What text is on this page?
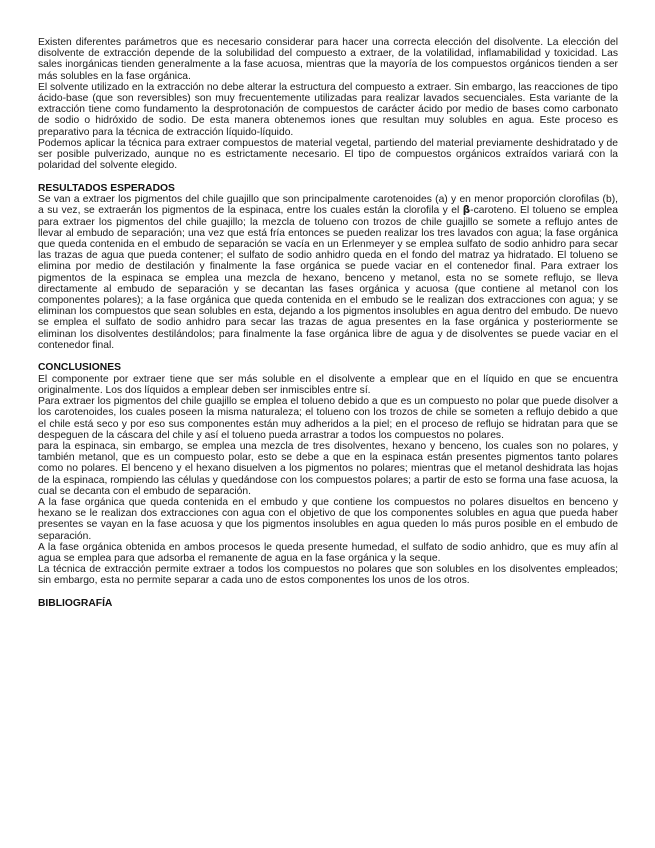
Existen diferentes parámetros que es necesario considerar para hacer una correcta elección del disolvente. La elección del disolvente de extracción depende de la solubilidad del compuesto a extraer, de la volatilidad, inflamabilidad y toxicidad. Las sales inorgánicas tienden generalmente a la fase acuosa, mientras que la mayoría de los compuestos orgánicos tienden a ser más solubles en la fase orgánica.

El solvente utilizado en la extracción no debe alterar la estructura del compuesto a extraer. Sin embargo, las reacciones de tipo ácido-base (que son reversibles) son muy frecuentemente utilizadas para realizar lavados secuenciales. Esta variante de la extracción tiene como fundamento la desprotonación de compuestos de carácter ácido por medio de bases como carbonato de sodio o hidróxido de sodio. De esta manera obtenemos iones que resultan muy solubles en agua. Este proceso es preparativo para la técnica de extracción líquido-líquido.

Podemos aplicar la técnica para extraer compuestos de material vegetal, partiendo del material previamente deshidratado y de ser posible pulverizado, aunque no es estrictamente necesario. El tipo de compuestos orgánicos extraídos variará con la polaridad del solvente elegido.

RESULTADOS ESPERADOS

Se van a extraer los pigmentos del chile guajillo que son principalmente carotenoides (a) y en menor proporción clorofilas (b), a su vez, se extraerán los pigmentos de la espinaca, entre los cuales están la clorofila y el β-caroteno. El tolueno se emplea para extraer los pigmentos del chile guajillo; la mezcla de tolueno con trozos de chile guajillo se somete a reflujo antes de llevar al embudo de separación; una vez que está fría entonces se pueden realizar los tres lavados con agua; la fase orgánica que queda contenida en el embudo de separación se vacía en un Erlenmeyer y se emplea sulfato de sodio anhidro para secar las trazas de agua que pueda contener; el sulfato de sodio anhidro queda en el fondo del matraz ya hidratado. El tolueno se elimina por medio de destilación y finalmente la fase orgánica se puede vaciar en el contenedor final. Para extraer los pigmentos de la espinaca se emplea una mezcla de hexano, benceno y metanol, esta no se somete reflujo, se lleva directamente al embudo de separación y se decantan las fases orgánica y acuosa (que contiene al metanol con los componentes polares); a la fase orgánica que queda contenida en el embudo se le realizan dos extracciones con agua; y se eliminan los compuestos que sean solubles en esta, dejando a los pigmentos insolubles en agua dentro del embudo. De nuevo se emplea el sulfato de sodio anhidro para secar las trazas de agua presentes en la fase orgánica y posteriormente se eliminan los disolventes destilándolos; para finalmente la fase orgánica libre de agua y de disolventes se puede vaciar en el contenedor final.

CONCLUSIONES

El componente por extraer tiene que ser más soluble en el disolvente a emplear que en el líquido en que se encuentra originalmente. Los dos líquidos a emplear deben ser inmiscibles entre sí.

Para extraer los pigmentos del chile guajillo se emplea el tolueno debido a que es un compuesto no polar que puede disolver a los carotenoides, los cuales poseen la misma naturaleza; el tolueno con los trozos de chile se someten a reflujo debido a que el chile está seco y por eso sus componentes están muy adheridos a la piel; en el proceso de reflujo se hidratan para que se despeguen de la cáscara del chile y así el tolueno pueda arrastrar a todos los compuestos no polares.

para la espinaca, sin embargo, se emplea una mezcla de tres disolventes, hexano y benceno, los cuales son no polares, y también metanol, que es un compuesto polar, esto se debe a que en la espinaca están presentes pigmentos tanto polares como no polares. El benceno y el hexano disuelven a los pigmentos no polares; mientras que el metanol deshidrata las hojas de la espinaca, rompiendo las células y quedándose con los compuestos polares; a partir de esto se forma una fase acuosa, la cual se decanta con el embudo de separación.

A la fase orgánica que queda contenida en el embudo y que contiene los compuestos no polares disueltos en benceno y hexano se le realizan dos extracciones con agua con el objetivo de que los componentes solubles en agua que pueda haber presentes se vayan en la fase acuosa y que los pigmentos insolubles en agua queden lo más puros posible en el embudo de separación.

A la fase orgánica obtenida en ambos procesos le queda presente humedad, el sulfato de sodio anhidro, que es muy afín al agua se emplea para que adsorba el remanente de agua en la fase orgánica y la seque.

La técnica de extracción permite extraer a todos los compuestos no polares que son solubles en los disolventes empleados; sin embargo, esta no permite separar a cada uno de estos componentes los unos de los otros.

BIBLIOGRAFÍA
